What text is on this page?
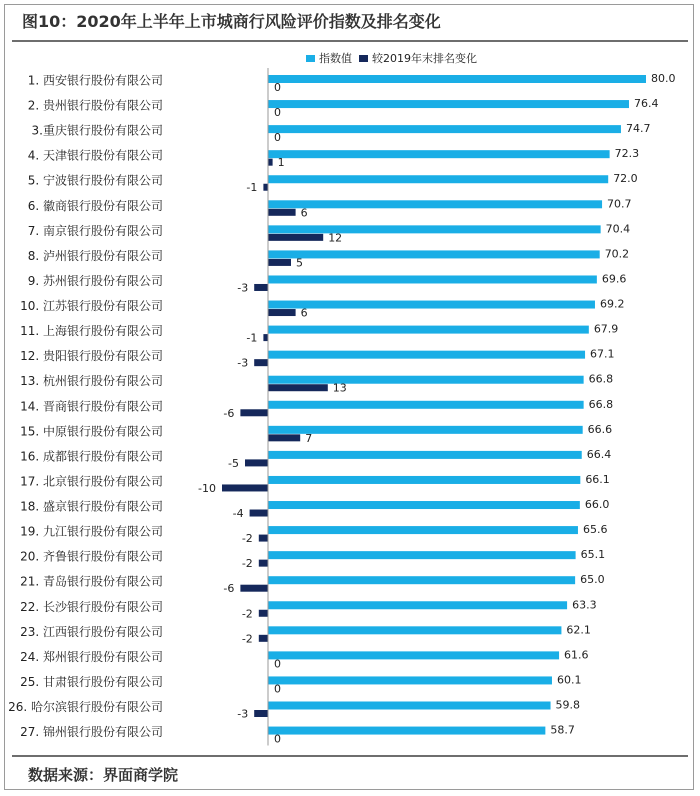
图10：2020年上半年上市城商行风险评价指数及排名变化
指数值 较2019年末排名变化
1. 西安银行股份有限公司
2. 贵州银行股份有限公司
3.重庆银行股份有限公司
4. 天津银行股份有限公司
5. 宁波银行股份有限公司
6. 徽商银行股份有限公司
7. 南京银行股份有限公司
8. 泸州银行股份有限公司
9. 苏州银行股份有限公司
10. 江苏银行股份有限公司
11. 上海银行股份有限公司
12. 贵阳银行股份有限公司
13. 杭州银行股份有限公司
14. 晋商银行股份有限公司
15. 中原银行股份有限公司
16. 成都银行股份有限公司
17. 北京银行股份有限公司
18. 盛京银行股份有限公司
19. 九江银行股份有限公司
20. 齐鲁银行股份有限公司
21. 青岛银行股份有限公司
22. 长沙银行股份有限公司
23. 江西银行股份有限公司
24. 郑州银行股份有限公司
25. 甘肃银行股份有限公司
26. 哈尔滨银行股份有限公司
27. 锦州银行股份有限公司
80.0
76.4
74.7
72.3
72.0
70.7
70.4
70.2
69.6
69.2
67.9
67.1
66.8
66.8
66.6
66.4
66.1
66.0
65.6
65.1
65.0
63.3
62.1
61.6
60.1
59.8
58.7
0
0
0
1
-1
6
12
5
-3
6
-1
-3
13
-6
7
-5
-10
-4
-2
-2
-6
-2
-2
0
0
-3
0
数据来源：界面商学院
